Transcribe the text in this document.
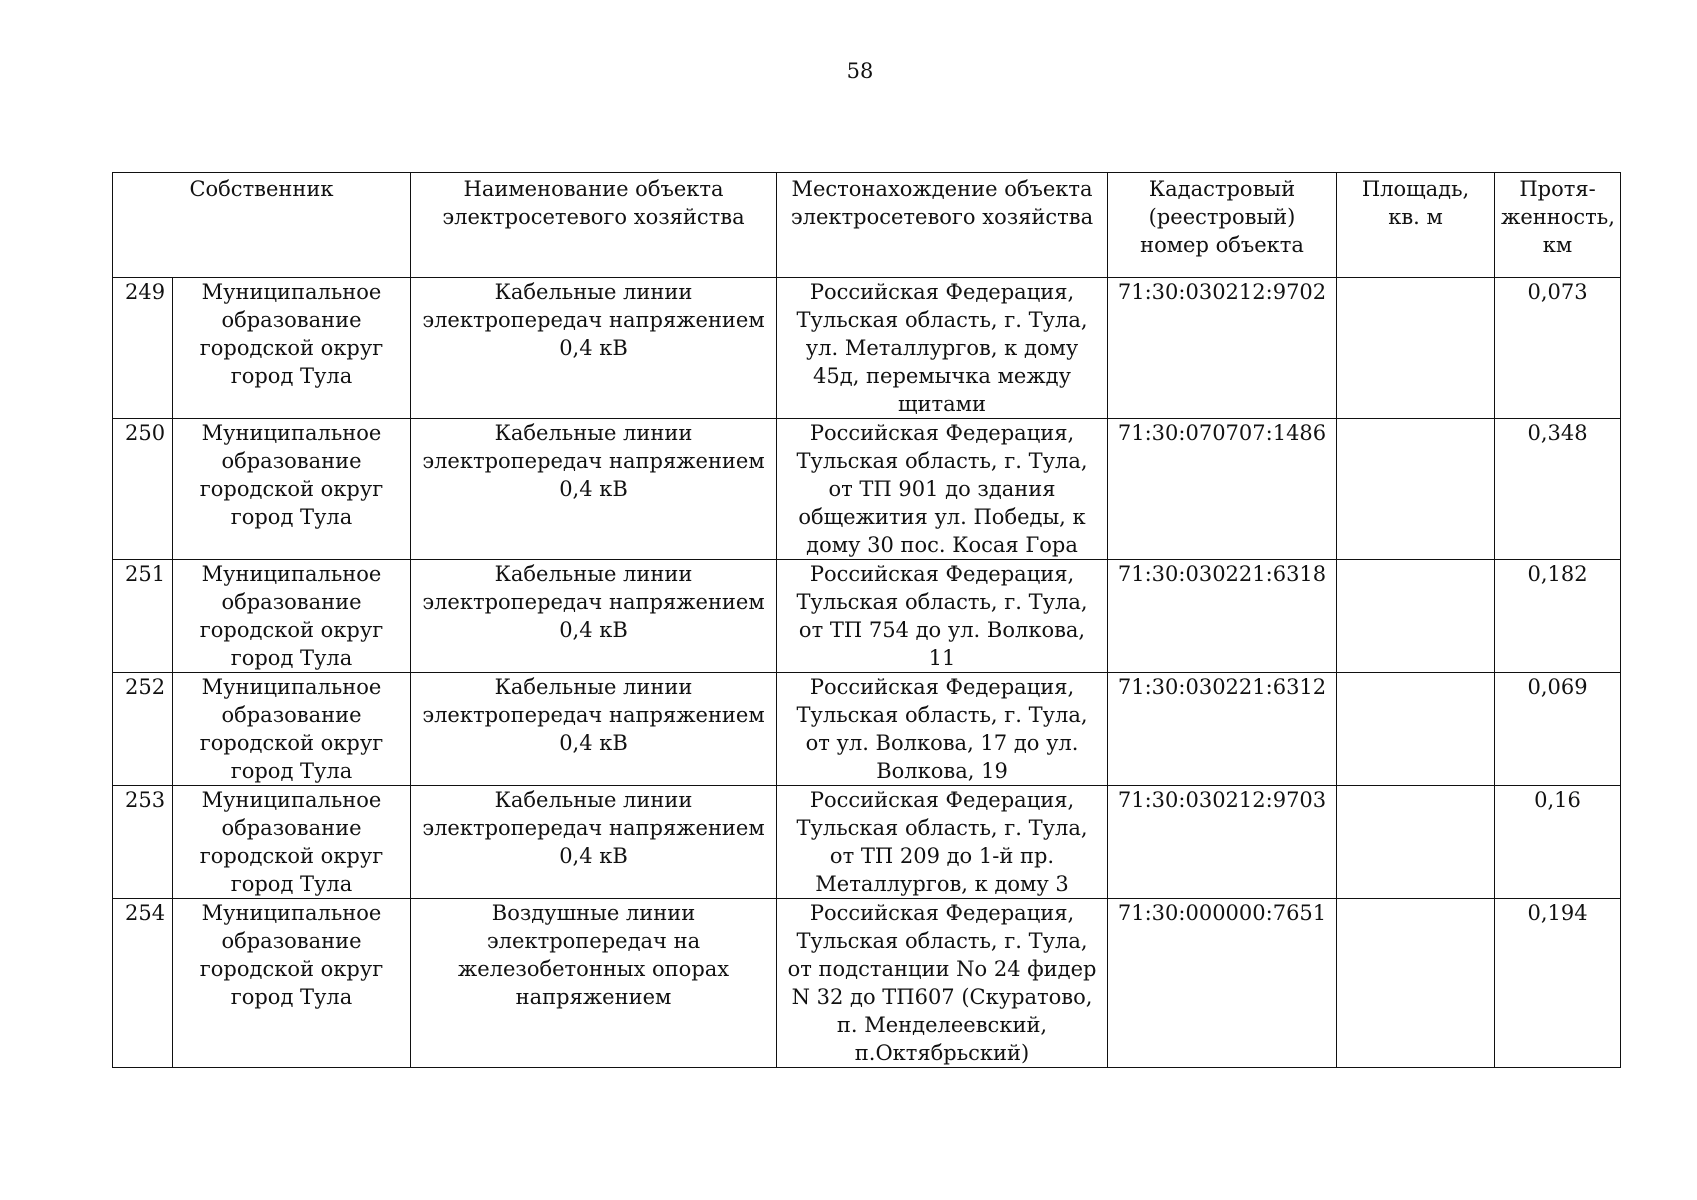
58
Собственник		Наименование объекта электросетевого хозяйства	Местонахождение объекта электросетевого хозяйства	Кадастровый (реестровый) номер объекта	Площадь, кв. м	Протя-женность, км
249	Муниципальное образование городской округ город Тула	Кабельные линии электропередач напряжением 0,4 кВ	Российская Федерация, Тульская область, г. Тула, ул. Металлургов, к дому 45д, перемычка между щитами	71:30:030212:9702		0,073
250	Муниципальное образование городской округ город Тула	Кабельные линии электропередач напряжением 0,4 кВ	Российская Федерация, Тульская область, г. Тула, от ТП 901 до здания общежития ул. Победы, к дому 30 пос. Косая Гора	71:30:070707:1486		0,348
251	Муниципальное образование городской округ город Тула	Кабельные линии электропередач напряжением 0,4 кВ	Российская Федерация, Тульская область, г. Тула, от ТП 754 до ул. Волкова, 11	71:30:030221:6318		0,182
252	Муниципальное образование городской округ город Тула	Кабельные линии электропередач напряжением 0,4 кВ	Российская Федерация, Тульская область, г. Тула, от ул. Волкова, 17 до ул. Волкова, 19	71:30:030221:6312		0,069
253	Муниципальное образование городской округ город Тула	Кабельные линии электропередач напряжением 0,4 кВ	Российская Федерация, Тульская область, г. Тула, от ТП 209 до 1-й пр. Металлургов, к дому 3	71:30:030212:9703		0,16
254	Муниципальное образование городской округ город Тула	Воздушные линии электропередач на железобетонных опорах напряжением	Российская Федерация, Тульская область, г. Тула, от подстанции No 24 фидер N 32 до ТП607 (Скуратово, п. Менделеевский, п.Октябрьский)	71:30:000000:7651		0,194
